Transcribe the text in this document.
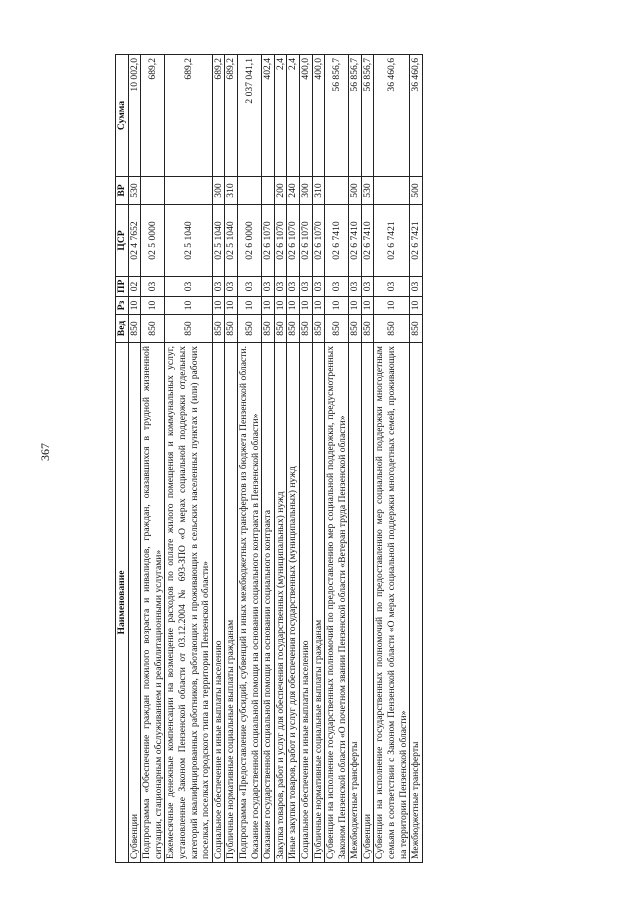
367
Наименование	Вед	Рз	ПР	ЦСР	ВР	Сумма
Субвенции	850	10	02	02 4 7652	530	10 002,0
Подпрограмма «Обеспечение граждан пожилого возраста и инвалидов, граждан, оказавшихся в трудной жизненной ситуации, стационарным обслуживанием и реабилитационными услугами»	850	10	03	02 5 0000		689,2
Ежемесячные денежные компенсации на возмещение расходов по оплате жилого помещения и коммунальных услуг, установленные Законом Пензенской области от 03.12.2004 № 693-ЗПО «О мерах социальной поддержки отдельных категорий квалифицированных работников, работающих и проживающих в сельских населенных пунктах и (или) рабочих поселках, поселках городского типа на территории Пензенской области»	850	10	03	02 5 1040		689,2
Социальное обеспечение и иные выплаты населению	850	10	03	02 5 1040	300	689,2
Публичные нормативные социальные выплаты гражданам	850	10	03	02 5 1040	310	689,2
Подпрограмма «Предоставление субсидий, субвенций и иных межбюджетных трансфертов из бюджета Пензенской области. Оказание государственной социальной помощи на основании социального контракта в Пензенской области»	850	10	03	02 6 0000		2 037 041,1
Оказание государственной социальной помощи на основании социального контракта	850	10	03	02 6 1070		402,4
Закупка товаров, работ и услуг для обеспечения государственных (муниципальных) нужд	850	10	03	02 6 1070	200	2,4
Иные закупки товаров, работ и услуг для обеспечения государственных (муниципальных) нужд	850	10	03	02 6 1070	240	2,4
Социальное обеспечение и иные выплаты населению	850	10	03	02 6 1070	300	400,0
Публичные нормативные социальные выплаты гражданам	850	10	03	02 6 1070	310	400,0
Субвенции на исполнение государственных полномочий по предоставлению мер социальной поддержки, предусмотренных Законом Пензенской области «О почетном звании Пензенской области «Ветеран труда Пензенской области»	850	10	03	02 6 7410		56 856,7
Межбюджетные трансферты	850	10	03	02 6 7410	500	56 856,7
Субвенции	850	10	03	02 6 7410	530	56 856,7
Субвенции на исполнение государственных полномочий по предоставлению мер социальной поддержки многодетным семьям в соответствии с Законом Пензенской области «О мерах социальной поддержки многодетных семей, проживающих на территории Пензенской области»	850	10	03	02 6 7421		36 460,6
Межбюджетные трансферты	850	10	03	02 6 7421	500	36 460,6
